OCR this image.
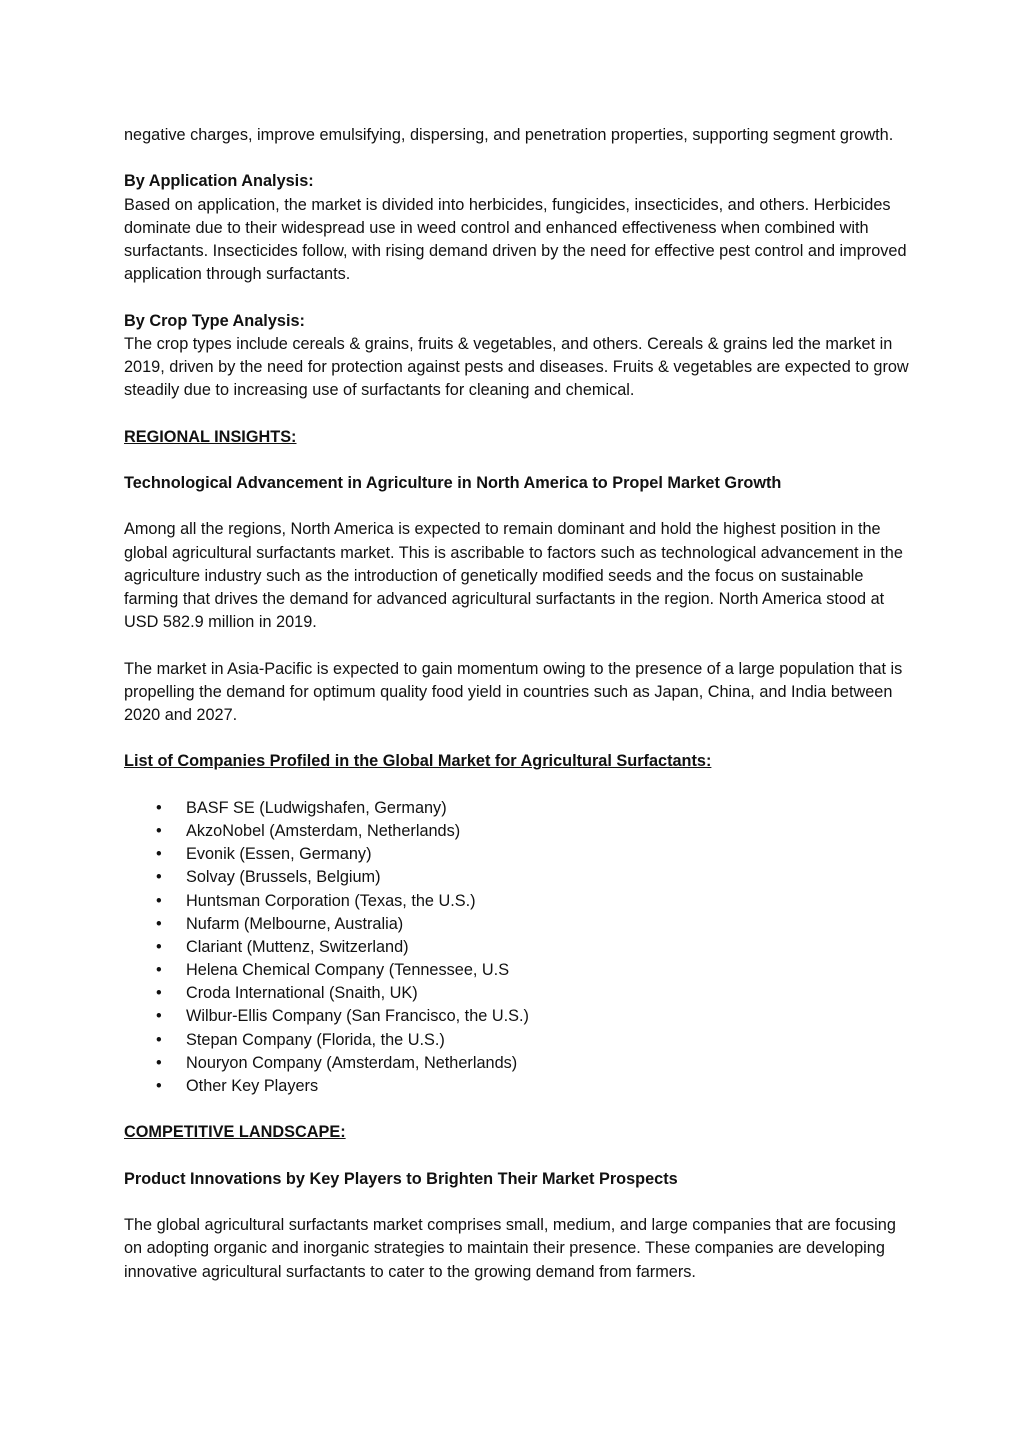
negative charges, improve emulsifying, dispersing, and penetration properties, supporting segment growth.

By Application Analysis:
Based on application, the market is divided into herbicides, fungicides, insecticides, and others. Herbicides dominate due to their widespread use in weed control and enhanced effectiveness when combined with surfactants. Insecticides follow, with rising demand driven by the need for effective pest control and improved application through surfactants.
By Crop Type Analysis:
The crop types include cereals & grains, fruits & vegetables, and others. Cereals & grains led the market in 2019, driven by the need for protection against pests and diseases. Fruits & vegetables are expected to grow steadily due to increasing use of surfactants for cleaning and chemical.
REGIONAL INSIGHTS:
Technological Advancement in Agriculture in North America to Propel Market Growth

Among all the regions, North America is expected to remain dominant and hold the highest position in the global agricultural surfactants market. This is ascribable to factors such as technological advancement in the agriculture industry such as the introduction of genetically modified seeds and the focus on sustainable farming that drives the demand for advanced agricultural surfactants in the region. North America stood at USD 582.9 million in 2019.

The market in Asia-Pacific is expected to gain momentum owing to the presence of a large population that is propelling the demand for optimum quality food yield in countries such as Japan, China, and India between 2020 and 2027.

List of Companies Profiled in the Global Market for Agricultural Surfactants:
• BASF SE (Ludwigshafen, Germany)
• AkzoNobel (Amsterdam, Netherlands)
• Evonik (Essen, Germany)
• Solvay (Brussels, Belgium)
• Huntsman Corporation (Texas, the U.S.)
• Nufarm (Melbourne, Australia)
• Clariant (Muttenz, Switzerland)
• Helena Chemical Company (Tennessee, U.S
• Croda International (Snaith, UK)
• Wilbur-Ellis Company (San Francisco, the U.S.)
• Stepan Company (Florida, the U.S.)
• Nouryon Company (Amsterdam, Netherlands)
• Other Key Players
COMPETITIVE LANDSCAPE:
Product Innovations by Key Players to Brighten Their Market Prospects

The global agricultural surfactants market comprises small, medium, and large companies that are focusing on adopting organic and inorganic strategies to maintain their presence. These companies are developing innovative agricultural surfactants to cater to the growing demand from farmers.
